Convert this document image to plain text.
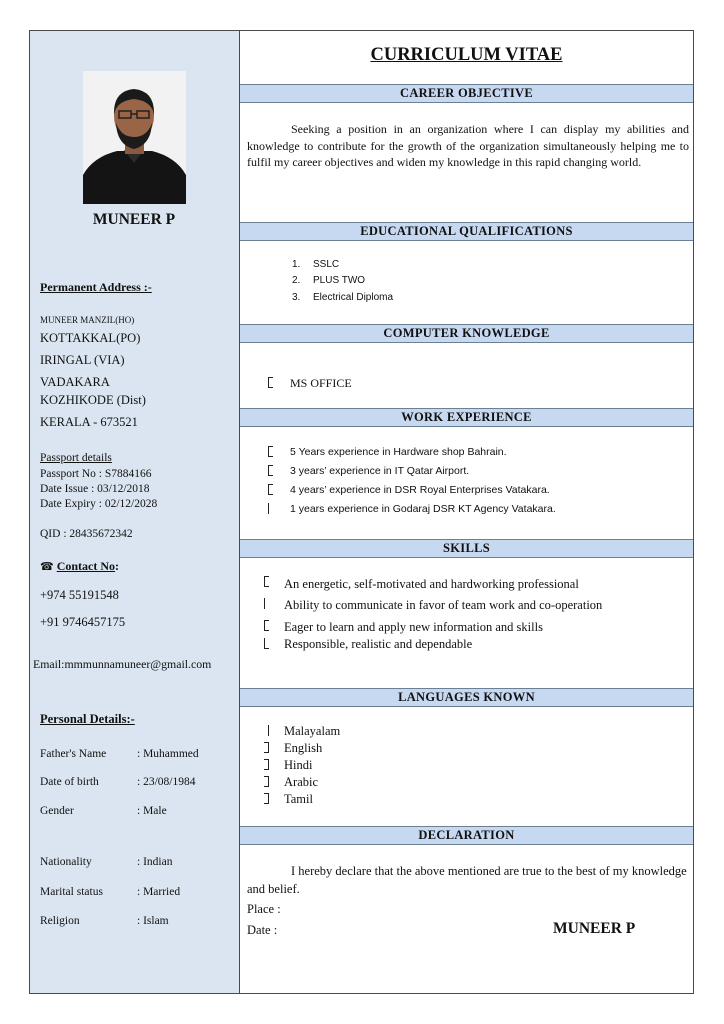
MUNEER P
Permanent Address :-
MUNEER MANZIL(HO)
KOTTAKKAL(PO)
IRINGAL (VIA)
VADAKARA
KOZHIKODE (Dist)
KERALA - 673521
Passport details
Passport No : S7884166
Date Issue : 03/12/2018
Date Expiry : 02/12/2028
QID : 28435672342
☎ Contact No:
+974 55191548
+91 9746457175
Email:mmmunnamuneer@gmail.com
Personal Details:-
Father's Name	: Muhammed
Date of birth	: 23/08/1984
Gender	: Male
Nationality	: Indian
Marital status	: Married
Religion	: Islam
CURRICULUM VITAE
CAREER OBJECTIVE
Seeking a position in an organization where I can display my abilities and knowledge to contribute for the growth of the organization simultaneously helping me to fulfil my career objectives and widen my knowledge in this rapid changing world.
EDUCATIONAL QUALIFICATIONS
1. SSLC
2. PLUS TWO
3. Electrical Diploma
COMPUTER KNOWLEDGE
MS OFFICE
WORK EXPERIENCE
5 Years experience in Hardware shop Bahrain.
3 years’ experience in IT Qatar Airport.
4 years’ experience in DSR Royal Enterprises Vatakara.
1 years experience in Godaraj DSR KT Agency Vatakara.
SKILLS
An energetic, self-motivated and hardworking professional
Ability to communicate in favor of team work and co-operation
Eager to learn and apply new information and skills
Responsible, realistic and dependable
LANGUAGES KNOWN
Malayalam
English
Hindi
Arabic
Tamil
DECLARATION
I hereby declare that the above mentioned are true to the best of my knowledge and belief.
Place :
Date :	MUNEER P
